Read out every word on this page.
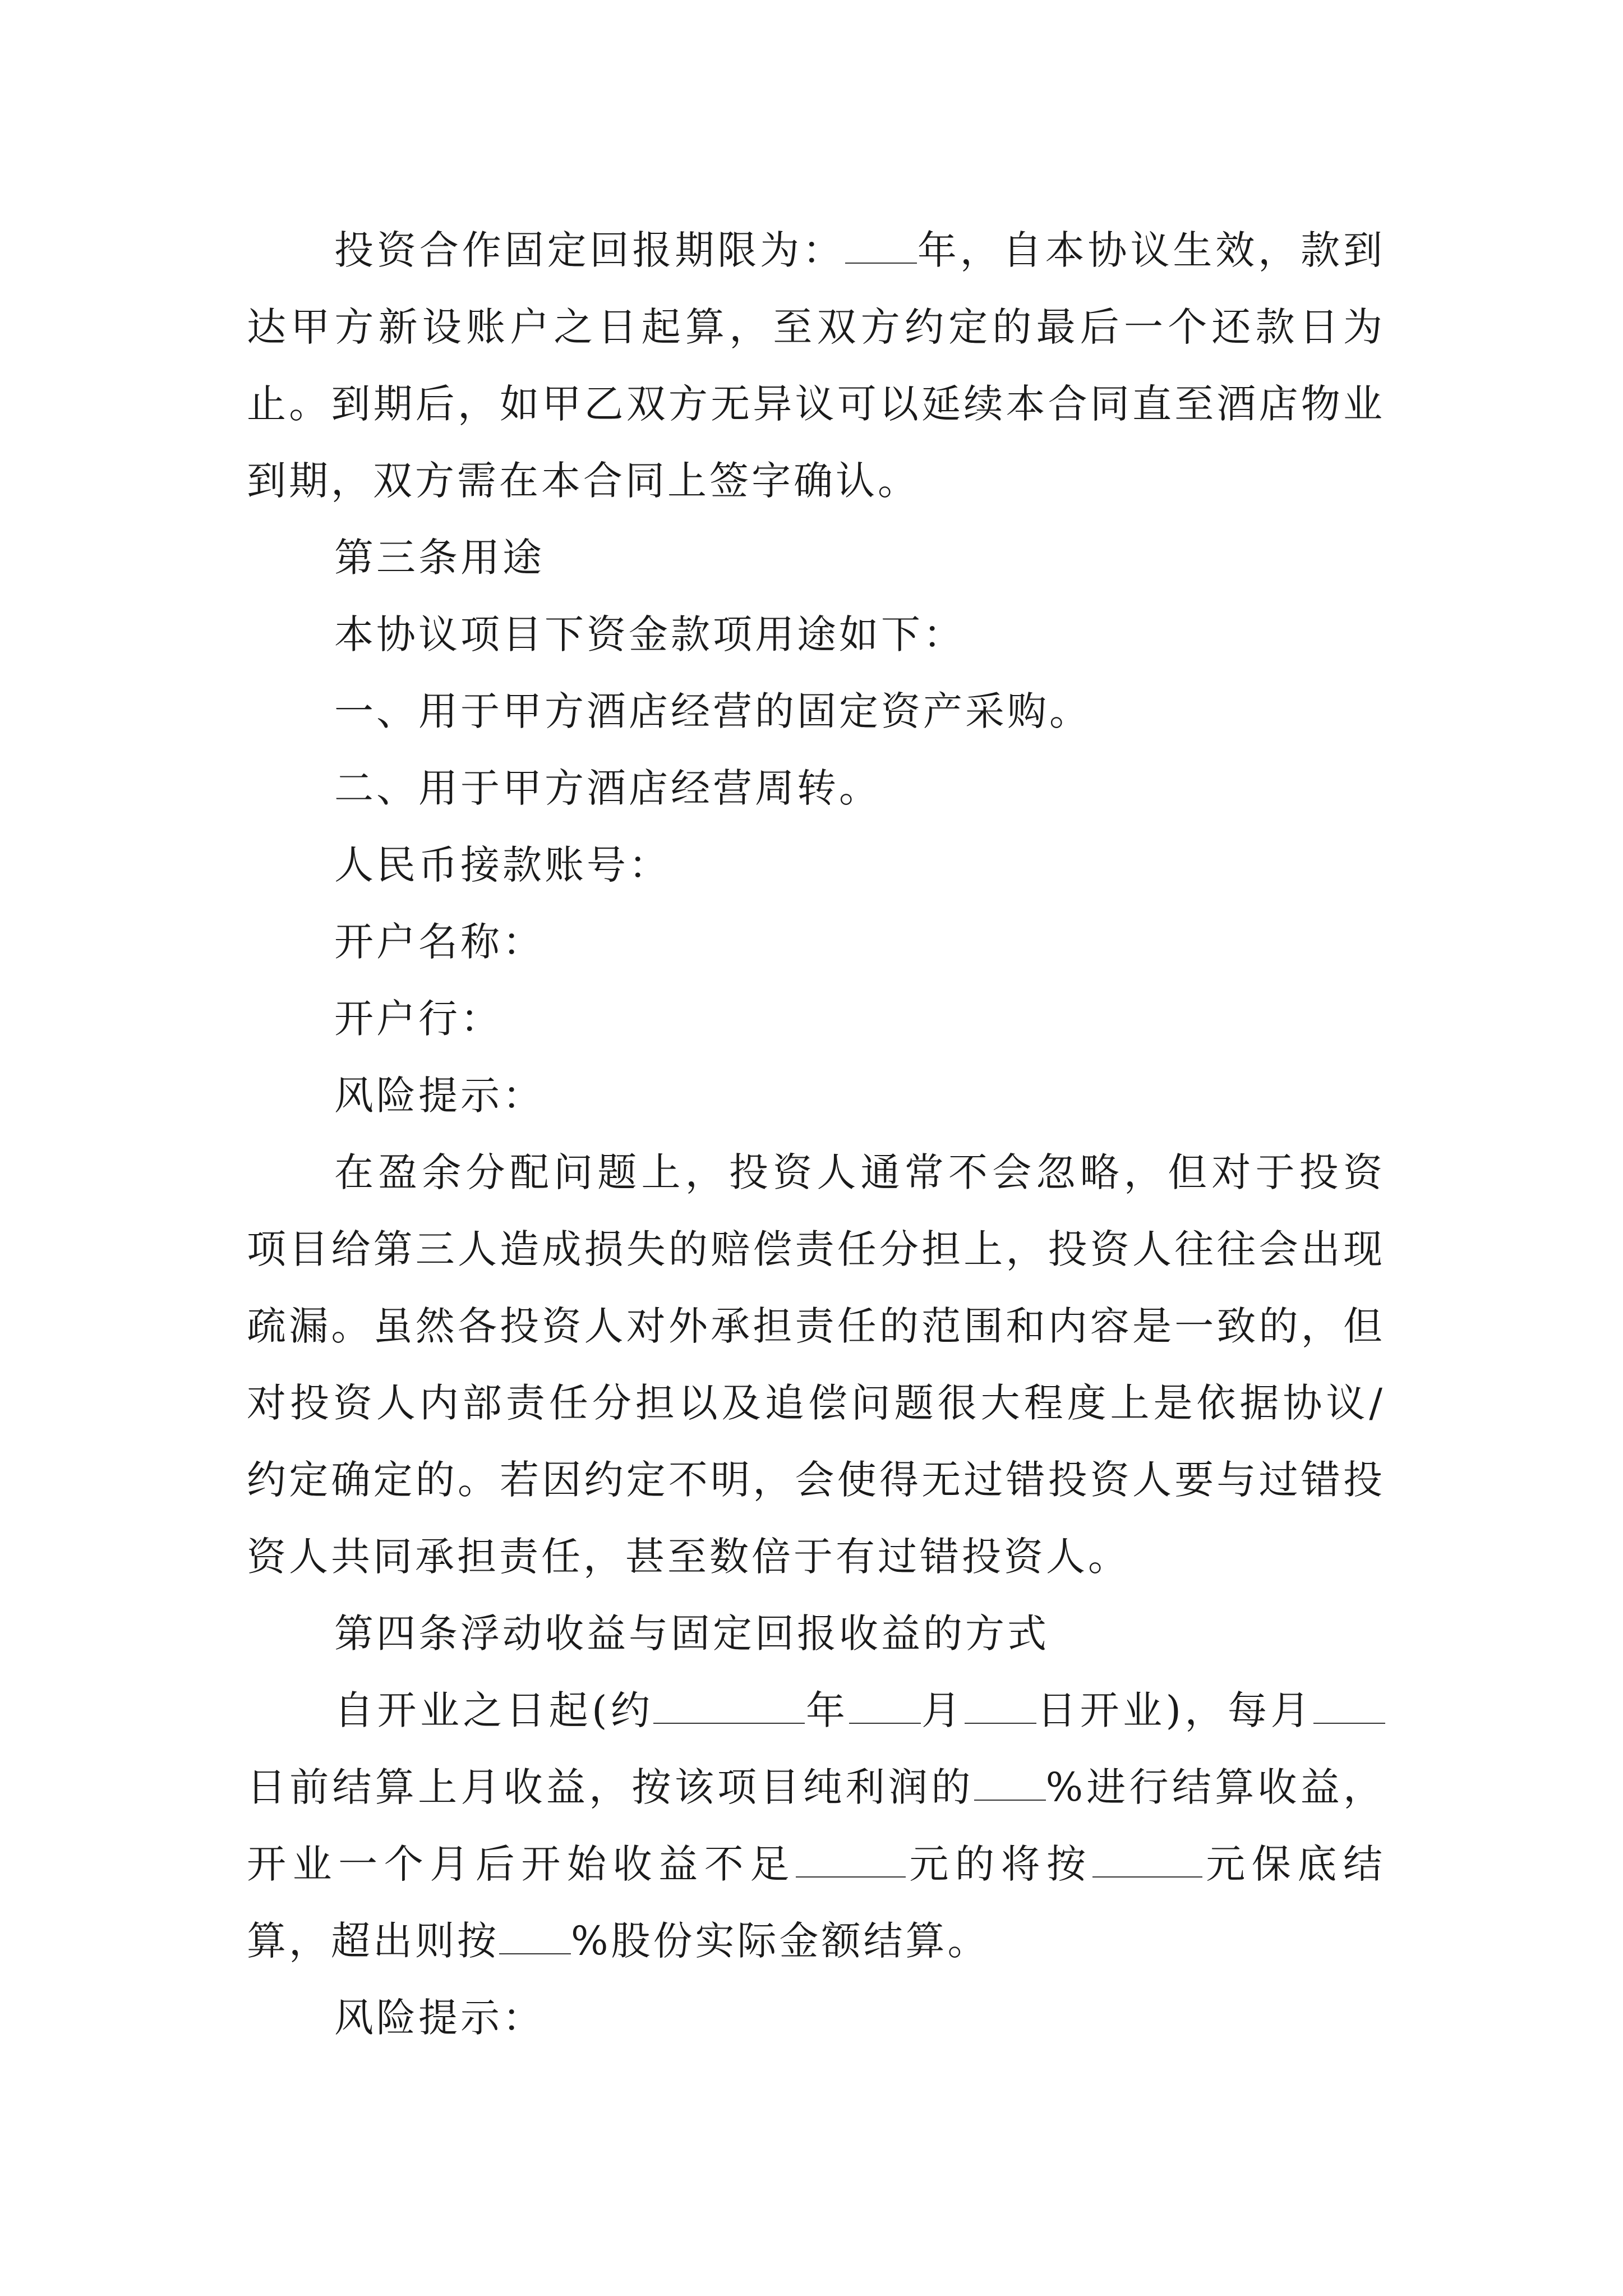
投资合作固定回报期限为： 年，自本协议生效，款到达甲方新设账户之日起算，至双方约定的最后一个还款日为止。到期后，如甲乙双方无异议可以延续本合同直至酒店物业到期，双方需在本合同上签字确认。

第三条用途

本协议项目下资金款项用途如下：

一、用于甲方酒店经营的固定资产采购。

二、用于甲方酒店经营周转。

人民币接款账号：

开户名称：

开户行：

风险提示：

在盈余分配问题上，投资人通常不会忽略，但对于投资项目给第三人造成损失的赔偿责任分担上，投资人往往会出现疏漏。虽然各投资人对外承担责任的范围和内容是一致的，但对投资人内部责任分担以及追偿问题很大程度上是依据协议/约定确定的。若因约定不明，会使得无过错投资人要与过错投资人共同承担责任，甚至数倍于有过错投资人。

第四条浮动收益与固定回报收益的方式

自开业之日起(约	年 月 日开业)，每月日前结算上月收益，按该项目纯利润的 %进行结算收益，开业一个月后开始收益不足	元的将按	元保底结算，超出则按 %股份实际金额结算。

风险提示：
